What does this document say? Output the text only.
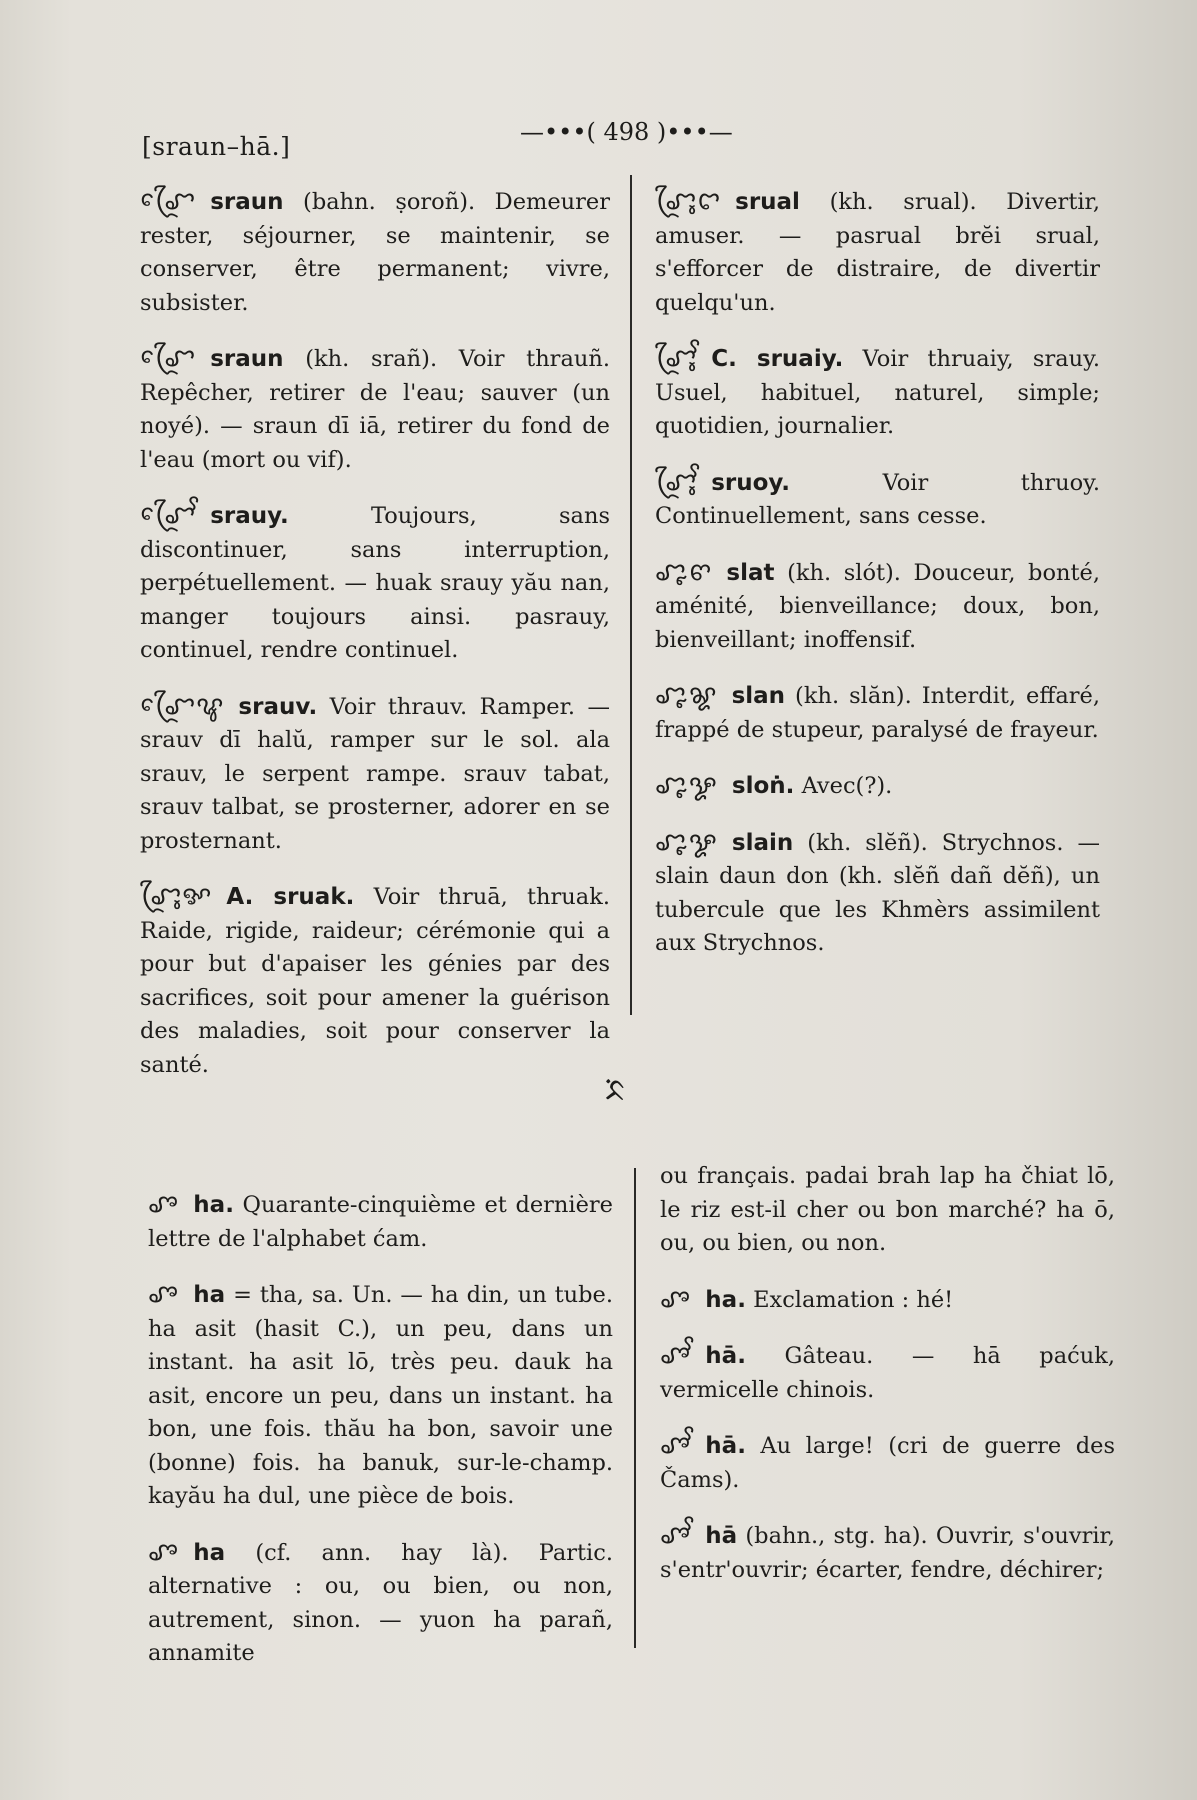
[sraun–hā.]	—•••( 498 )•••—
ꨧꨴꨯ sraun (bahn. ṣoroñ). Demeurer rester, séjourner, se maintenir, se conserver, être permanent; vivre, subsister.
ꨧꨴꨯ sraun (kh. srañ). Voir thrauñ. Repêcher, retirer de l'eau; sauver (un noyé). — sraun dī iā, retirer du fond de l'eau (mort ou vif).
ꨧꨴꨯꨩ srauy. Toujours, sans discontinuer, sans interruption, perpétuellement. — huak srauy yău nan, manger toujours ainsi. pasrauy, continuel, rendre continuel.
ꨧꨴꨯꨥ srauv. Voir thrauv. Ramper. — srauv dī halŭ, ramper sur le sol. ala srauv, le serpent rampe. srauv tabat, srauv talbat, se prosterner, adorer en se prosternant.
ꨧꨴꨶꨀ A. sruak. Voir thruā, thruak. Raide, rigide, raideur; cérémonie qui a pour but d'apaiser les génies par des sacrifices, soit pour amener la guérison des maladies, soit pour conserver la santé.
ꨧꨴꨶꨤ srual (kh. srual). Divertir, amuser. — pasrual brĕi srual, s'efforcer de distraire, de divertir quelqu'un.
ꨧꨴꨶꨩ C. sruaiy. Voir thruaiy, srauy. Usuel, habituel, naturel, simple; quotidien, journalier.
ꨧꨴꨶꨩ sruoy. Voir thruoy. Continuellement, sans cesse.
ꨧꨵꨓ slat (kh. slót). Douceur, bonté, aménité, bienveillance; doux, bon, bienveillant; inoffensif.
ꨧꨵꨘ slan (kh. slăn). Interdit, effaré, frappé de stupeur, paralysé de frayeur.
ꨧꨵꨋ sloṅ. Avec(?).
ꨧꨵꨋ slain (kh. slĕñ). Strychnos. — slain daun don (kh. slĕñ dañ dĕñ), un tubercule que les Khmèrs assimilent aux Strychnos.
ᨅᨗ
ꨨ ha. Quarante-cinquième et dernière lettre de l'alphabet ćam.
ꨨ ha = tha, sa. Un. — ha din, un tube. ha asit (hasit C.), un peu, dans un instant. ha asit lō, très peu. dauk ha asit, encore un peu, dans un instant. ha bon, une fois. thău ha bon, savoir une (bonne) fois. ha banuk, sur-le-champ. kayău ha dul, une pièce de bois.
ꨨ ha (cf. ann. hay là). Partic. alternative : ou, ou bien, ou non, autrement, sinon. — yuon ha parañ, annamite
ou français. padai brah lap ha čhiat lō, le riz est-il cher ou bon marché? ha ō, ou, ou bien, ou non.
ꨨ ha. Exclamation : hé!
ꨨꨩ hā. Gâteau. — hā paćuk, vermicelle chinois.
ꨨꨩ hā. Au large! (cri de guerre des Čams).
ꨨꨩ hā (bahn., stg. ha). Ouvrir, s'ouvrir, s'entr'ouvrir; écarter, fendre, déchirer;
